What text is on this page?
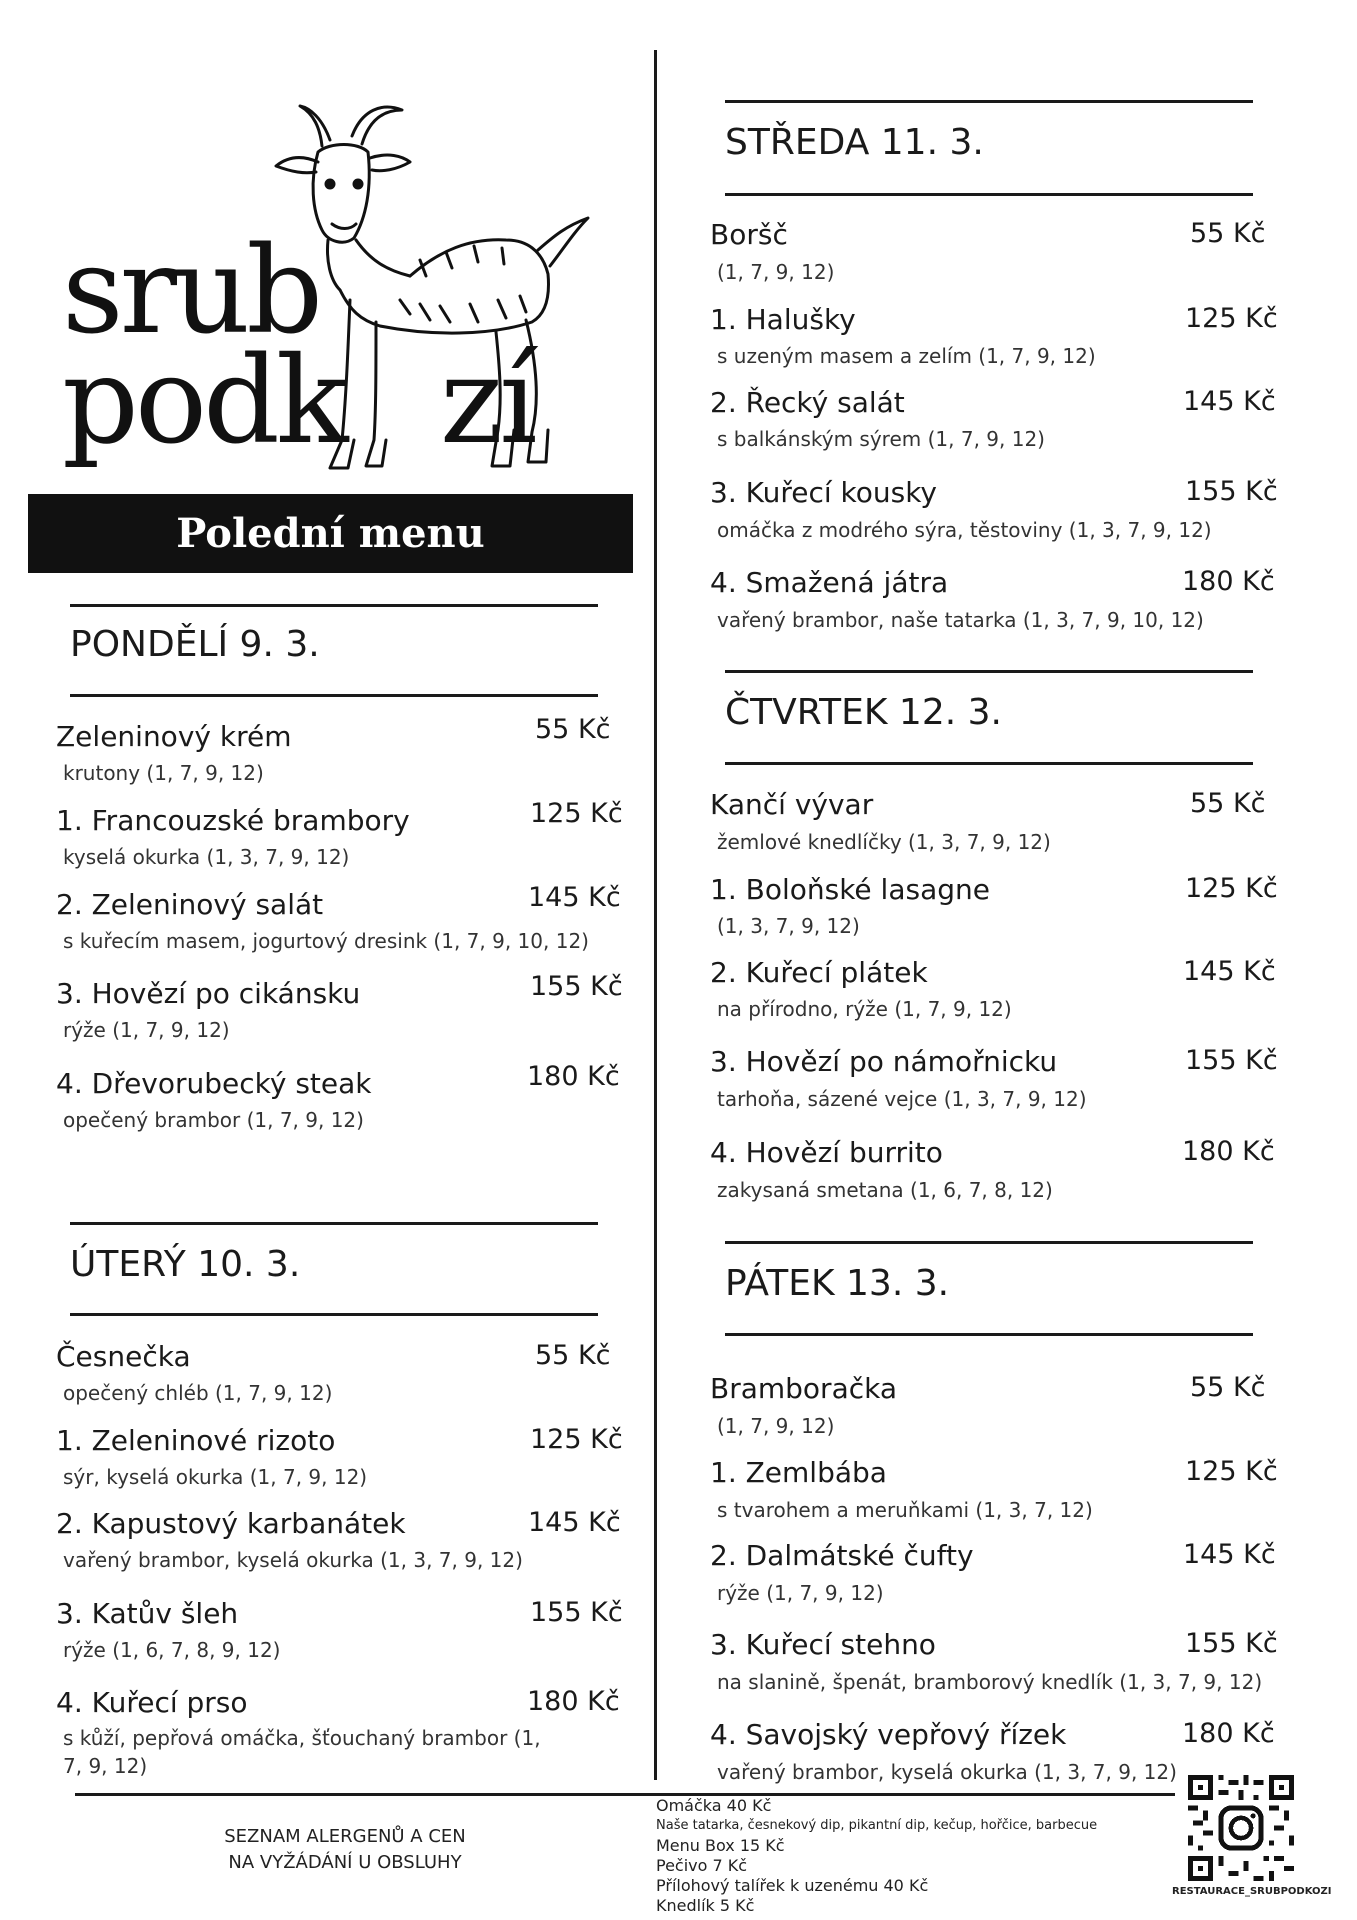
srub
podk zí
Polední menu
PONDĚLÍ 9. 3.
Zeleninový krém	55 Kč
krutony (1, 7, 9, 12)
1. Francouzské brambory	125 Kč
kyselá okurka (1, 3, 7, 9, 12)
2. Zeleninový salát	145 Kč
s kuřecím masem, jogurtový dresink (1, 7, 9, 10, 12)
3. Hovězí po cikánsku	155 Kč
rýže (1, 7, 9, 12)
4. Dřevorubecký steak	180 Kč
opečený brambor (1, 7, 9, 12)
ÚTERÝ 10. 3.
Česnečka	55 Kč
opečený chléb (1, 7, 9, 12)
1. Zeleninové rizoto	125 Kč
sýr, kyselá okurka (1, 7, 9, 12)
2. Kapustový karbanátek	145 Kč
vařený brambor, kyselá okurka (1, 3, 7, 9, 12)
3. Katův šleh	155 Kč
rýže (1, 6, 7, 8, 9, 12)
4. Kuřecí prso	180 Kč
s kůží, pepřová omáčka, šťouchaný brambor (1, 7, 9, 12)
STŘEDA 11. 3.
Boršč	55 Kč
(1, 7, 9, 12)
1. Halušky	125 Kč
s uzeným masem a zelím (1, 7, 9, 12)
2. Řecký salát	145 Kč
s balkánským sýrem (1, 7, 9, 12)
3. Kuřecí kousky	155 Kč
omáčka z modrého sýra, těstoviny (1, 3, 7, 9, 12)
4. Smažená játra	180 Kč
vařený brambor, naše tatarka (1, 3, 7, 9, 10, 12)
ČTVRTEK 12. 3.
Kančí vývar	55 Kč
žemlové knedlíčky (1, 3, 7, 9, 12)
1. Boloňské lasagne	125 Kč
(1, 3, 7, 9, 12)
2. Kuřecí plátek	145 Kč
na přírodno, rýže (1, 7, 9, 12)
3. Hovězí po námořnicku	155 Kč
tarhoňa, sázené vejce (1, 3, 7, 9, 12)
4. Hovězí burrito	180 Kč
zakysaná smetana (1, 6, 7, 8, 12)
PÁTEK 13. 3.
Bramboračka	55 Kč
(1, 7, 9, 12)
1. Zemlbába	125 Kč
s tvarohem a meruňkami (1, 3, 7, 12)
2. Dalmátské čufty	145 Kč
rýže (1, 7, 9, 12)
3. Kuřecí stehno	155 Kč
na slanině, špenát, bramborový knedlík (1, 3, 7, 9, 12)
4. Savojský vepřový řízek	180 Kč
vařený brambor, kyselá okurka (1, 3, 7, 9, 12)
SEZNAM ALERGENŮ A CEN
NA VYŽÁDÁNÍ U OBSLUHY
Omáčka 40 Kč
Naše tatarka, česnekový dip, pikantní dip, kečup, hořčice, barbecue
Menu Box 15 Kč
Pečivo 7 Kč
Přílohový talířek k uzenému 40 Kč
Knedlík 5 Kč
RESTAURACE_SRUBPODKOZI
